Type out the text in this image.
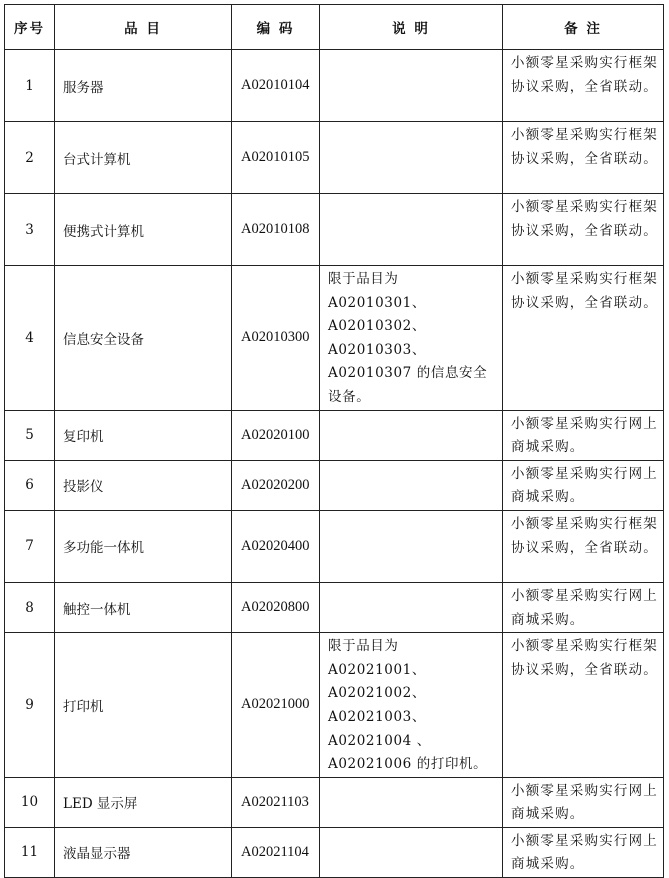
序号	品 目	编 码	说 明	备 注
1	服务器	A02010104		小额零星采购实行框架协议采购，全省联动。
2	台式计算机	A02010105		小额零星采购实行框架协议采购，全省联动。
3	便携式计算机	A02010108		小额零星采购实行框架协议采购，全省联动。
4	信息安全设备	A02010300	限于品目为 A02010301、A02010302、A02010303、A02010307 的信息安全设备。	小额零星采购实行框架协议采购，全省联动。
5	复印机	A02020100		小额零星采购实行网上商城采购。
6	投影仪	A02020200		小额零星采购实行网上商城采购。
7	多功能一体机	A02020400		小额零星采购实行框架协议采购，全省联动。
8	触控一体机	A02020800		小额零星采购实行网上商城采购。
9	打印机	A02021000	限于品目为 A02021001、A02021002、A02021003、A02021004 、A02021006 的打印机。	小额零星采购实行框架协议采购，全省联动。
10	LED 显示屏	A02021103		小额零星采购实行网上商城采购。
11	液晶显示器	A02021104		小额零星采购实行网上商城采购。
